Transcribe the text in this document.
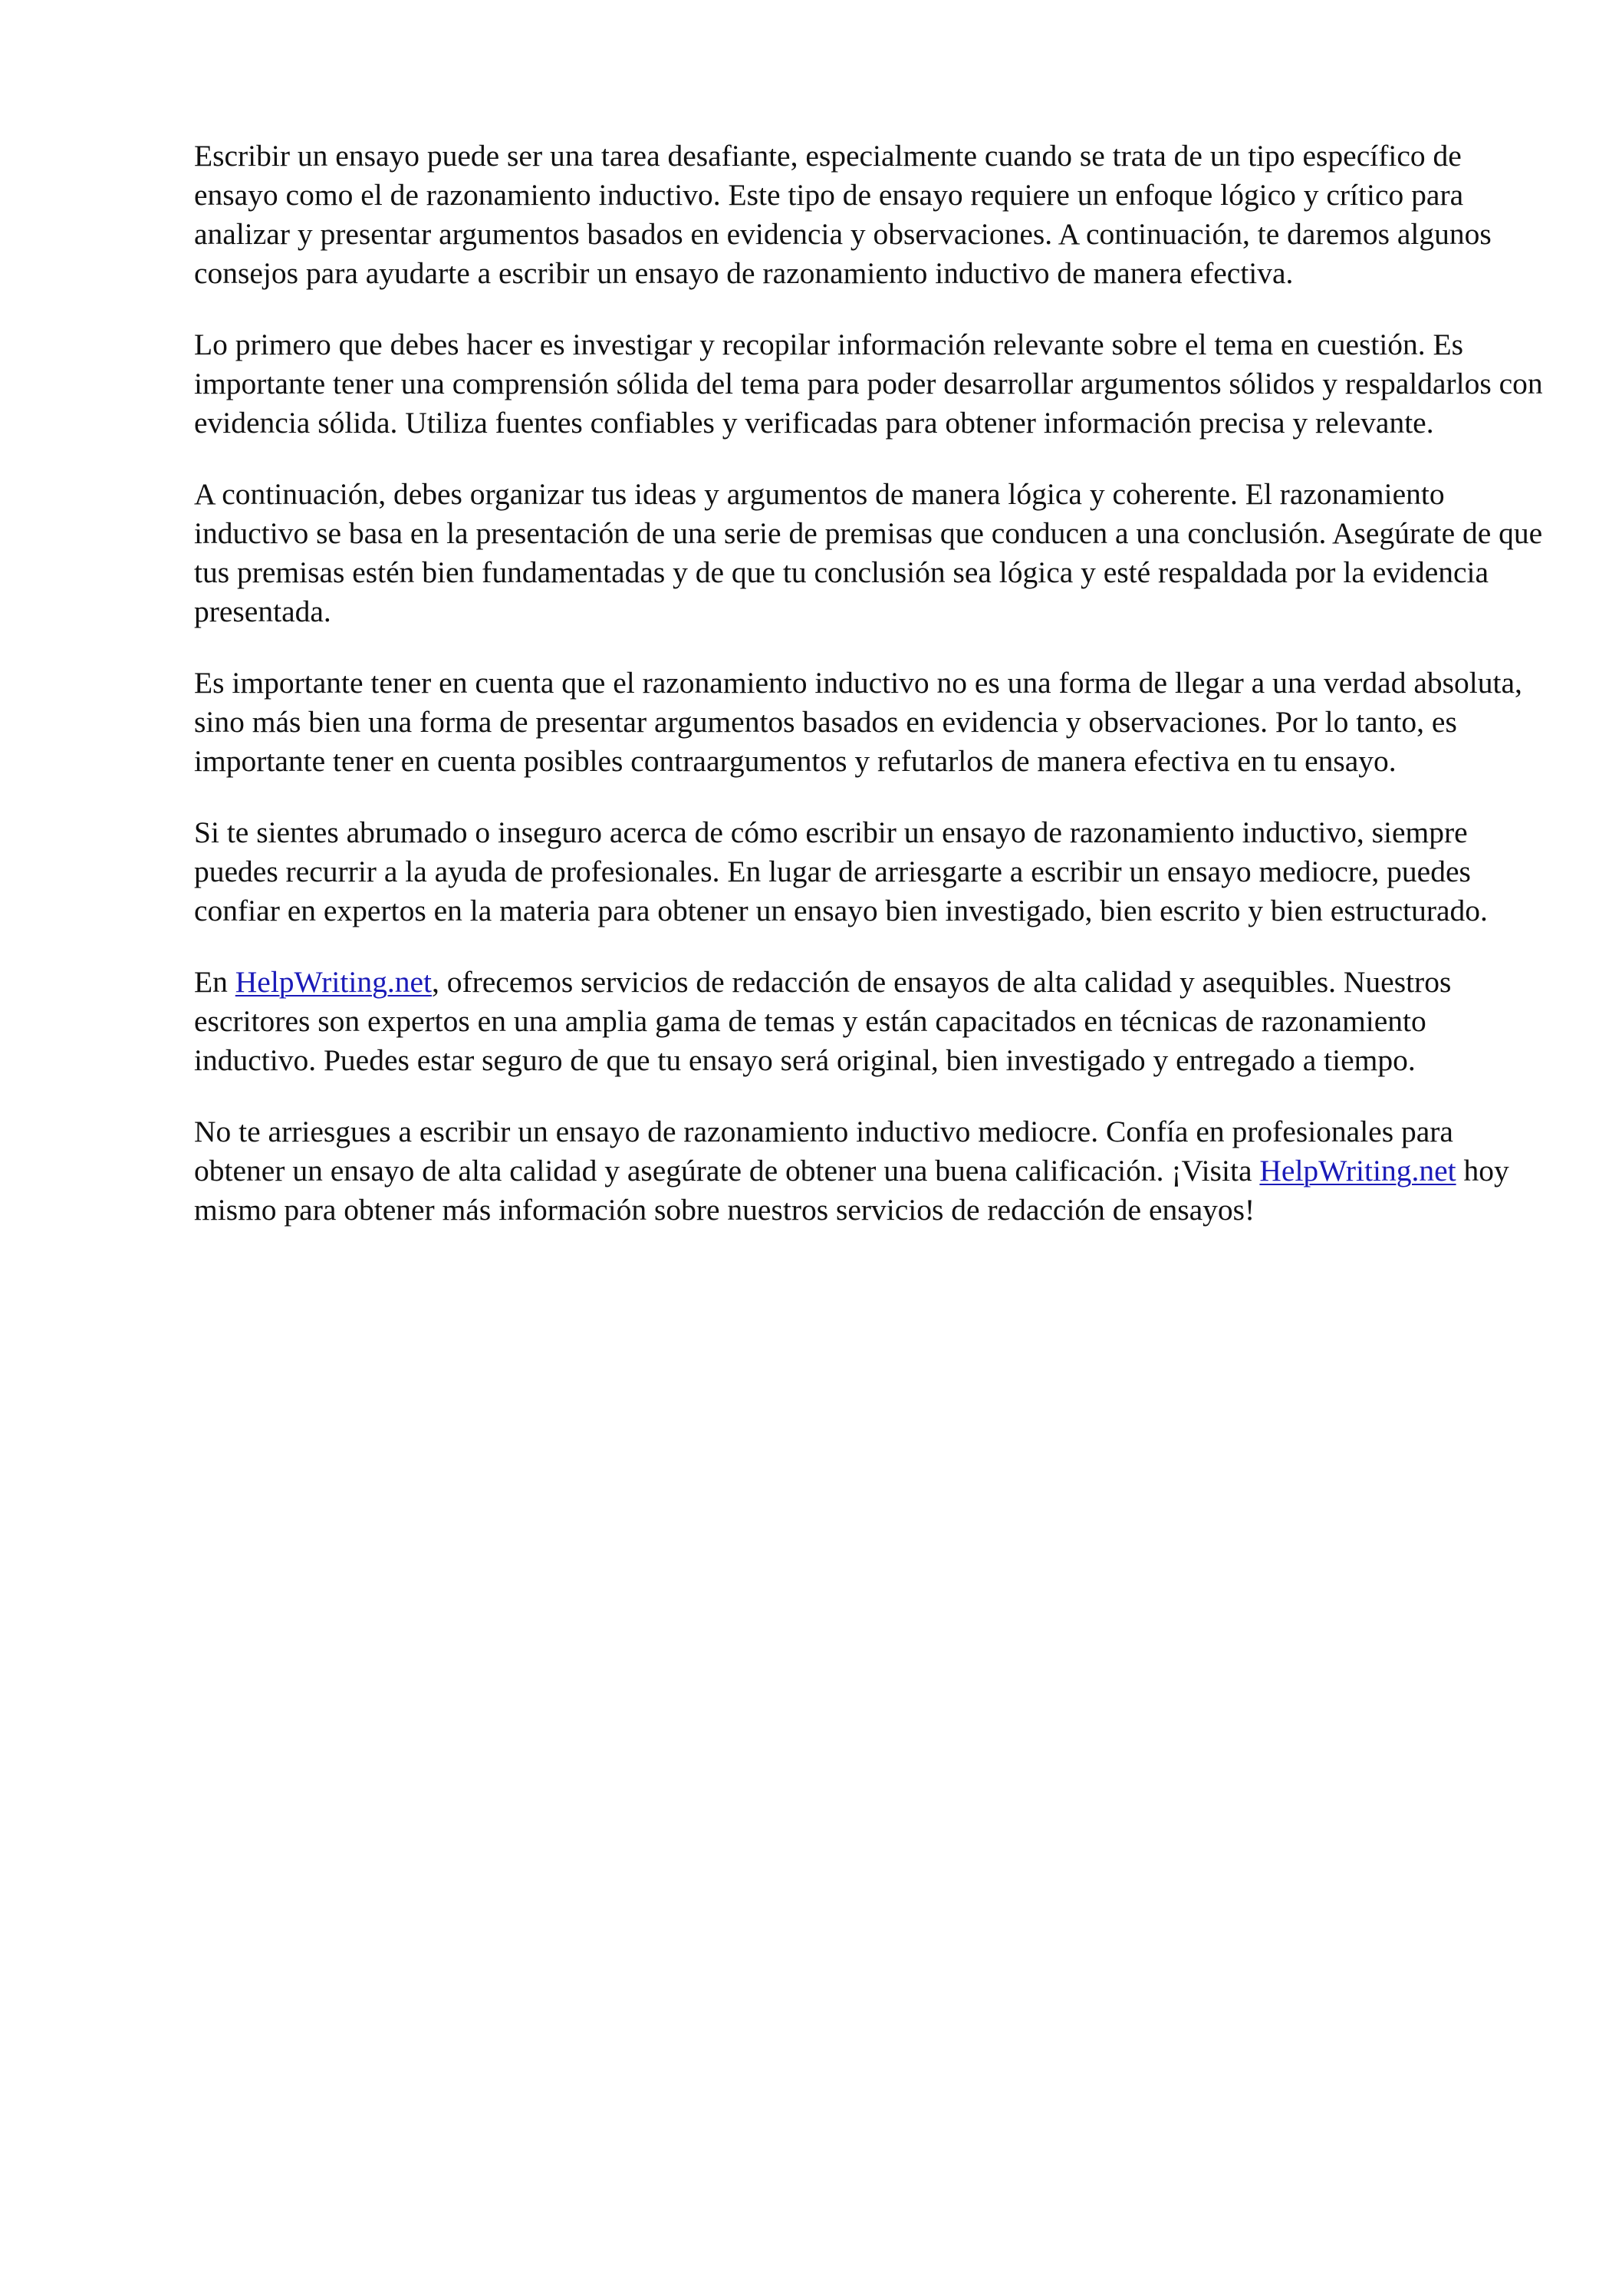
Escribir un ensayo puede ser una tarea desafiante, especialmente cuando se trata de un tipo específico de ensayo como el de razonamiento inductivo. Este tipo de ensayo requiere un enfoque lógico y crítico para analizar y presentar argumentos basados en evidencia y observaciones. A continuación, te daremos algunos consejos para ayudarte a escribir un ensayo de razonamiento inductivo de manera efectiva.

Lo primero que debes hacer es investigar y recopilar información relevante sobre el tema en cuestión. Es importante tener una comprensión sólida del tema para poder desarrollar argumentos sólidos y respaldarlos con evidencia sólida. Utiliza fuentes confiables y verificadas para obtener información precisa y relevante.

A continuación, debes organizar tus ideas y argumentos de manera lógica y coherente. El razonamiento inductivo se basa en la presentación de una serie de premisas que conducen a una conclusión. Asegúrate de que tus premisas estén bien fundamentadas y de que tu conclusión sea lógica y esté respaldada por la evidencia presentada.

Es importante tener en cuenta que el razonamiento inductivo no es una forma de llegar a una verdad absoluta, sino más bien una forma de presentar argumentos basados en evidencia y observaciones. Por lo tanto, es importante tener en cuenta posibles contraargumentos y refutarlos de manera efectiva en tu ensayo.

Si te sientes abrumado o inseguro acerca de cómo escribir un ensayo de razonamiento inductivo, siempre puedes recurrir a la ayuda de profesionales. En lugar de arriesgarte a escribir un ensayo mediocre, puedes confiar en expertos en la materia para obtener un ensayo bien investigado, bien escrito y bien estructurado.

En HelpWriting.net, ofrecemos servicios de redacción de ensayos de alta calidad y asequibles. Nuestros escritores son expertos en una amplia gama de temas y están capacitados en técnicas de razonamiento inductivo. Puedes estar seguro de que tu ensayo será original, bien investigado y entregado a tiempo.

No te arriesgues a escribir un ensayo de razonamiento inductivo mediocre. Confía en profesionales para obtener un ensayo de alta calidad y asegúrate de obtener una buena calificación. ¡Visita HelpWriting.net hoy mismo para obtener más información sobre nuestros servicios de redacción de ensayos!
